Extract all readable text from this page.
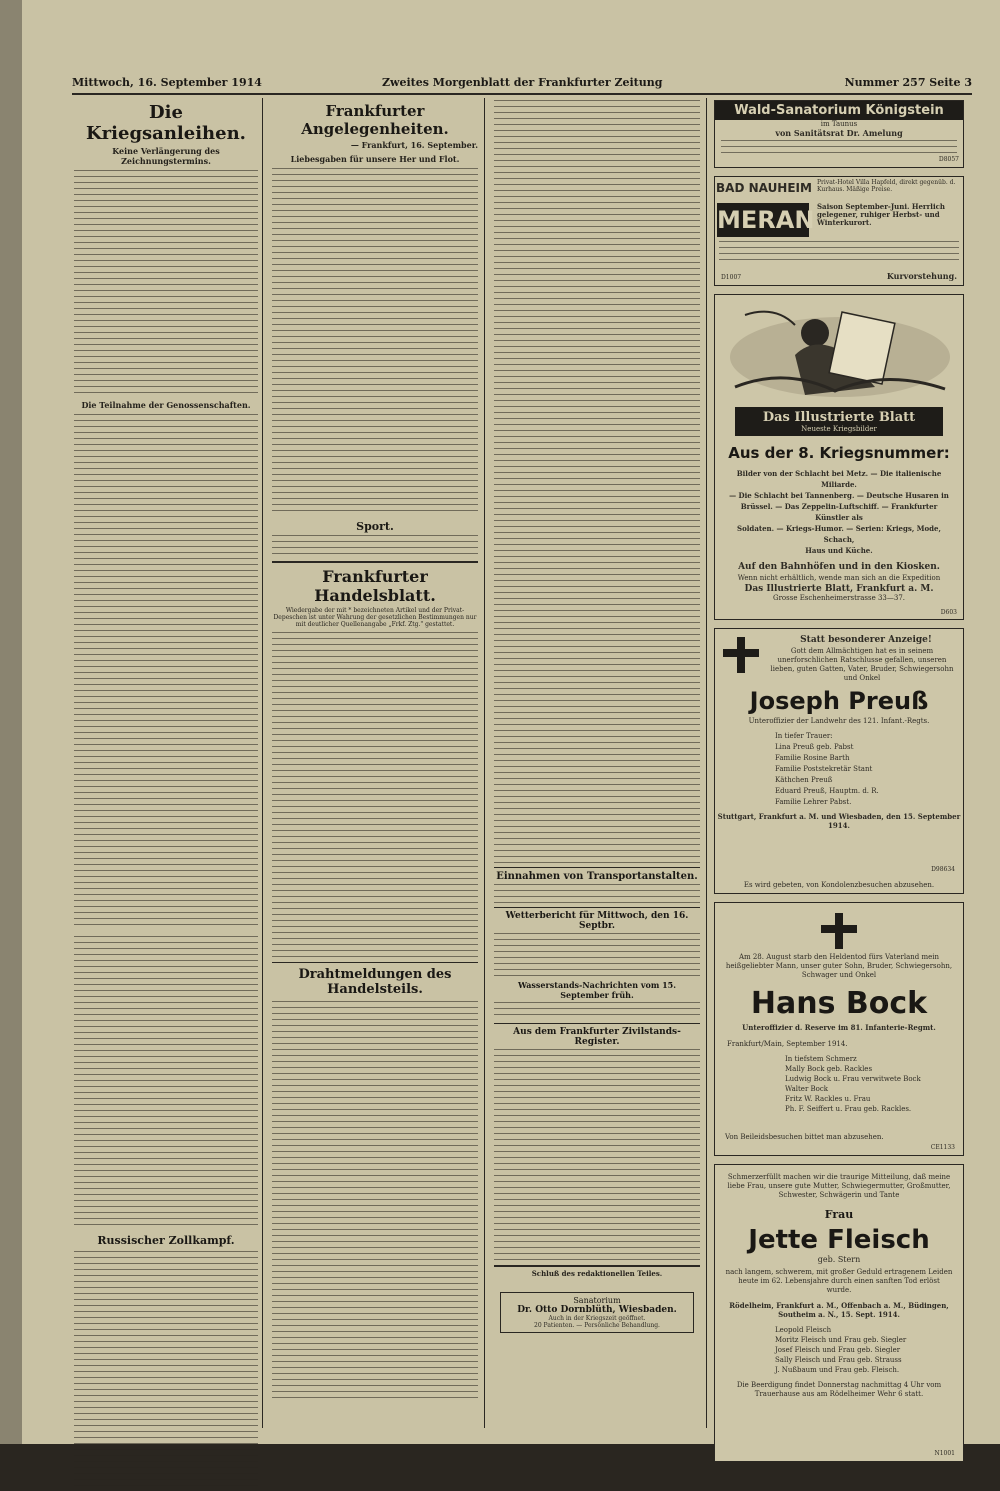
Mittwoch, 16. September 1914	Zweites Morgenblatt der Frankfurter Zeitung	Nummer 257 Seite 3
Die Kriegsanleihen.
Keine Verlängerung des Zeichnungstermins.
Die Teilnahme der Genossenschaften.
Russischer Zollkampf.
Frankfurter Angelegenheiten.
— Frankfurt, 16. September.
Liebesgaben für unsere Her und Flot.
Sport.
Frankfurter Handelsblatt.
Wiedergabe der mit * bezeichneten Artikel und der Privat-Depeschen ist unter Wahrung der gesetzlichen Bestimmungen nur mit deutlicher Quellenangabe „Frkf. Ztg." gestattet.
Drahtmeldungen des Handelsteils.
Einnahmen von Transportanstalten.
Wetterbericht für Mittwoch, den 16. Septbr.
Wasserstands-Nachrichten vom 15. September früh.
Aus dem Frankfurter Zivilstands-Register.
Schluß des redaktionellen Teiles.
Sanatorium
Dr. Otto Dornblüth, Wiesbaden.
Auch in der Kriegszeit geöffnet.
20 Patienten. — Persönliche Behandlung.
Wald-Sanatorium Königstein
im Taunus
von Sanitätsrat Dr. Amelung
D8057
BAD NAUHEIM Privat-Hotel Villa Hapfeld, direkt gegenüb. d. Kurhaus. Mäßige Preise.
MERAN Saison September-Juni. Herrlich gelegener, ruhiger Herbst- und Winterkurort.
Kurvorstehung.
D1007
Das Illustrierte Blatt
Neueste Kriegsbilder
Aus der 8. Kriegsnummer:
Bilder von der Schlacht bei Metz. — Die italienische Miliarde.
— Die Schlacht bei Tannenberg. — Deutsche Husaren in
Brüssel. — Das Zeppelin-Luftschiff. — Frankfurter Künstler als
Soldaten. — Kriegs-Humor. — Serien: Kriegs, Mode, Schach,
Haus und Küche.
Auf den Bahnhöfen und in den Kiosken.
Wenn nicht erhältlich, wende man sich an die Expedition
Das Illustrierte Blatt, Frankfurt a. M.
Grosse Eschenheimerstrasse 33—37.
D603
Statt besonderer Anzeige!
Gott dem Allmächtigen hat es in seinem unerforschlichen Ratschlusse gefallen, unseren lieben, guten Gatten, Vater, Bruder, Schwiegersohn und Onkel
Joseph Preuß
Unteroffizier der Landwehr des 121. Infant.-Regts.
In tiefer Trauer:
Lina Preuß geb. Pabst
Familie Rosine Barth
Familie Poststekretär Stant
Käthchen Preuß
Eduard Preuß, Hauptm. d. R.
Familie Lehrer Pabst.
Stuttgart, Frankfurt a. M. und Wiesbaden, den 15. September 1914.
D98634
Es wird gebeten, von Kondolenzbesuchen abzusehen.
Am 28. August starb den Heldentod fürs Vaterland mein heißgeliebter Mann, unser guter Sohn, Bruder, Schwiegersohn, Schwager und Onkel
Hans Bock
Unteroffizier d. Reserve im 81. Infanterie-Regmt.
Frankfurt/Main, September 1914.
In tiefstem Schmerz
Mally Bock geb. Rackles
Ludwig Bock u. Frau verwitwete Bock
Walter Bock
Fritz W. Rackles u. Frau
Ph. F. Seiffert u. Frau geb. Rackles.
Von Beileidsbesuchen bittet man abzusehen.
CE1133
Schmerzerfüllt machen wir die traurige Mitteilung, daß meine liebe Frau, unsere gute Mutter, Schwiegermutter, Großmutter, Schwester, Schwägerin und Tante
Frau
Jette Fleisch
geb. Stern
nach langem, schwerem, mit großer Geduld ertragenem Leiden heute im 62. Lebensjahre durch einen sanften Tod erlöst wurde.
Rödelheim, Frankfurt a. M., Offenbach a. M., Büdingen, Southeim a. N., 15. Sept. 1914.
Leopold Fleisch
Moritz Fleisch und Frau geb. Siegler
Josef Fleisch und Frau geb. Siegler
Sally Fleisch und Frau geb. Strauss
J. Nußbaum und Frau geb. Fleisch.
Die Beerdigung findet Donnerstag nachmittag 4 Uhr vom Trauerhause aus am Rödelheimer Wehr 6 statt.
N1001
